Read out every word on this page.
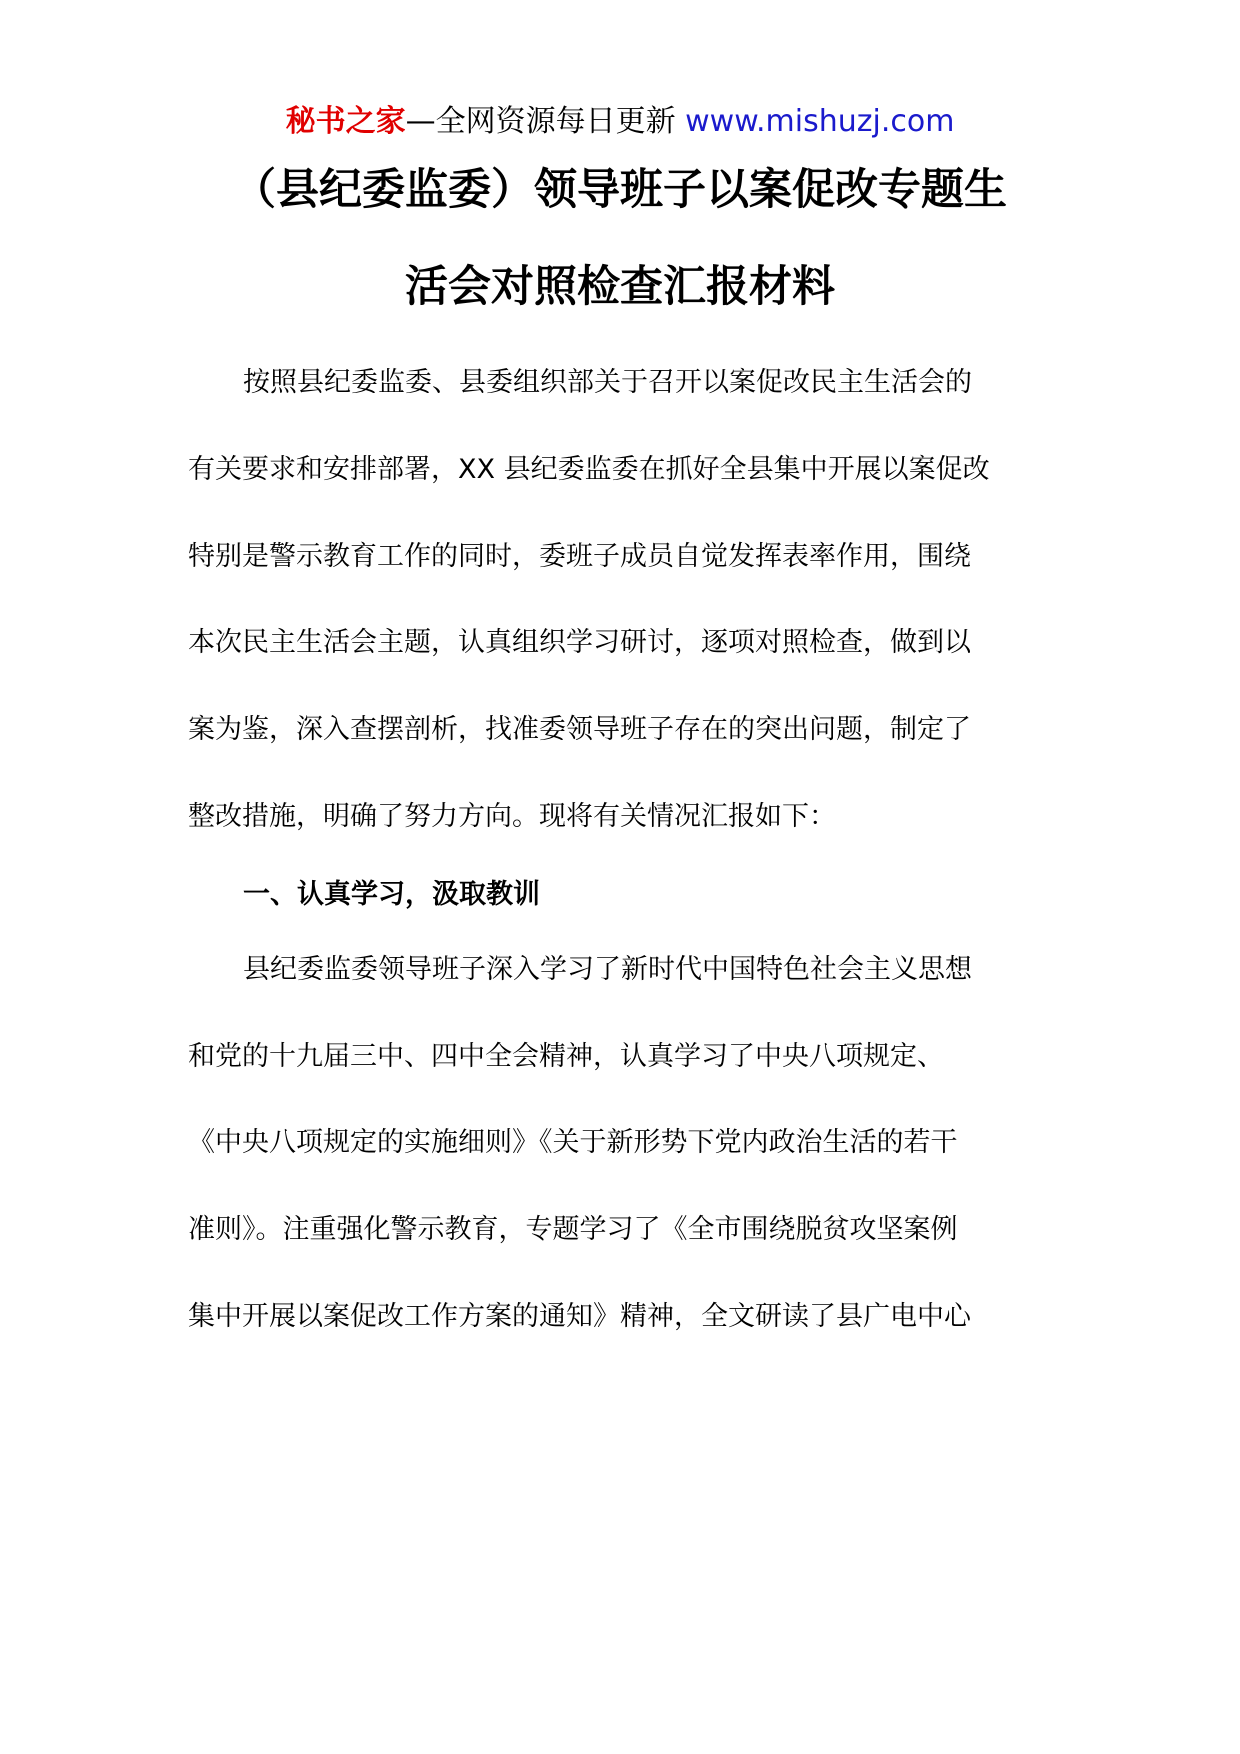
秘书之家—全网资源每日更新 www.mishuzj.com
（县纪委监委）领导班子以案促改专题生
活会对照检查汇报材料
按照县纪委监委、县委组织部关于召开以案促改民主生活会的
有关要求和安排部署，XX 县纪委监委在抓好全县集中开展以案促改
特别是警示教育工作的同时，委班子成员自觉发挥表率作用，围绕
本次民主生活会主题，认真组织学习研讨，逐项对照检查，做到以
案为鉴，深入查摆剖析，找准委领导班子存在的突出问题，制定了
整改措施，明确了努力方向。现将有关情况汇报如下：
一、认真学习，汲取教训
县纪委监委领导班子深入学习了新时代中国特色社会主义思想
和党的十九届三中、四中全会精神，认真学习了中央八项规定、
《中央八项规定的实施细则》《关于新形势下党内政治生活的若干
准则》。注重强化警示教育，专题学习了《全市围绕脱贫攻坚案例
集中开展以案促改工作方案的通知》精神，全文研读了县广电中心
